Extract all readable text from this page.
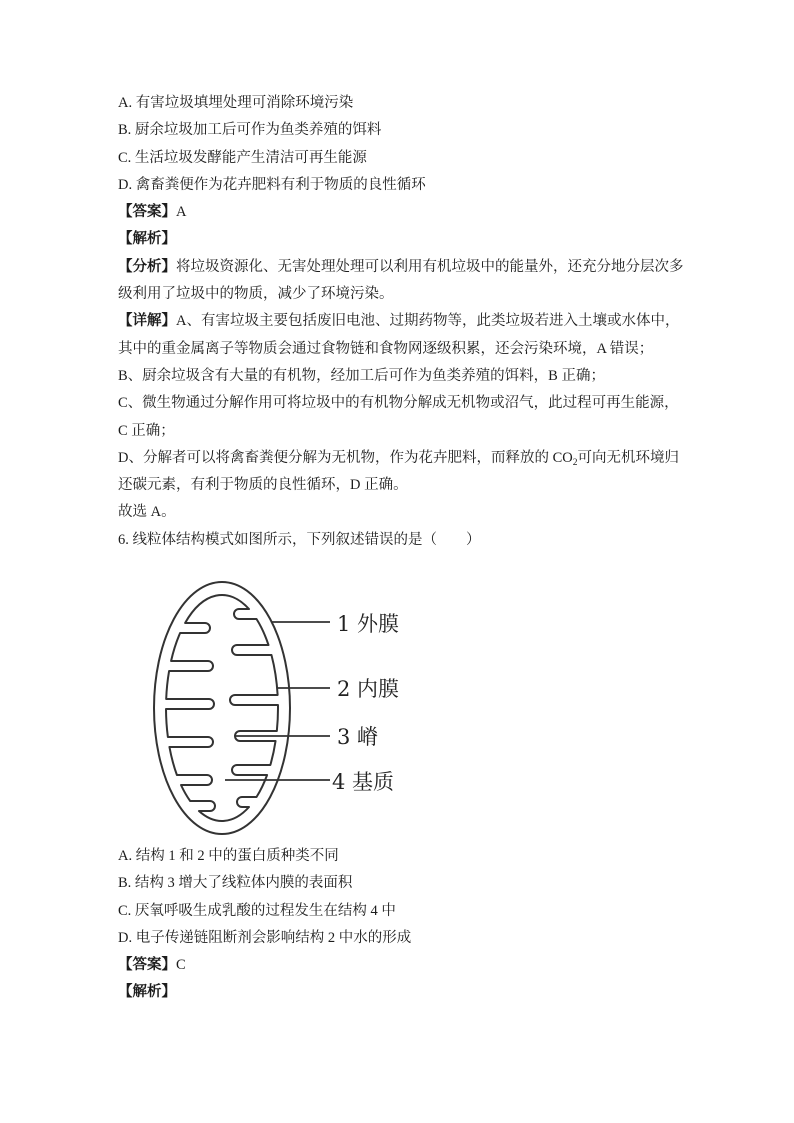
A. 有害垃圾填埋处理可消除环境污染
B. 厨余垃圾加工后可作为鱼类养殖的饵料
C. 生活垃圾发酵能产生清洁可再生能源
D. 禽畜粪便作为花卉肥料有利于物质的良性循环
【答案】A
【解析】
【分析】将垃圾资源化、无害处理处理可以利用有机垃圾中的能量外，还充分地分层次多
级利用了垃圾中的物质，减少了环境污染。
【详解】A、有害垃圾主要包括废旧电池、过期药物等，此类垃圾若进入土壤或水体中，
其中的重金属离子等物质会通过食物链和食物网逐级积累，还会污染环境，A 错误；
B、厨余垃圾含有大量的有机物，经加工后可作为鱼类养殖的饵料，B 正确；
C、微生物通过分解作用可将垃圾中的有机物分解成无机物或沼气，此过程可再生能源，
C 正确；
D、分解者可以将禽畜粪便分解为无机物，作为花卉肥料，而释放的 $CO_2$可向无机环境归
还碳元素，有利于物质的良性循环，D 正确。
故选 A。
6. 线粒体结构模式如图所示，下列叙述错误的是（　　）
1 外膜
2 内膜
3 嵴
4 基质
A. 结构 1 和 2 中的蛋白质种类不同
B. 结构 3 增大了线粒体内膜的表面积
C. 厌氧呼吸生成乳酸的过程发生在结构 4 中
D. 电子传递链阻断剂会影响结构 2 中水的形成
【答案】C
【解析】
